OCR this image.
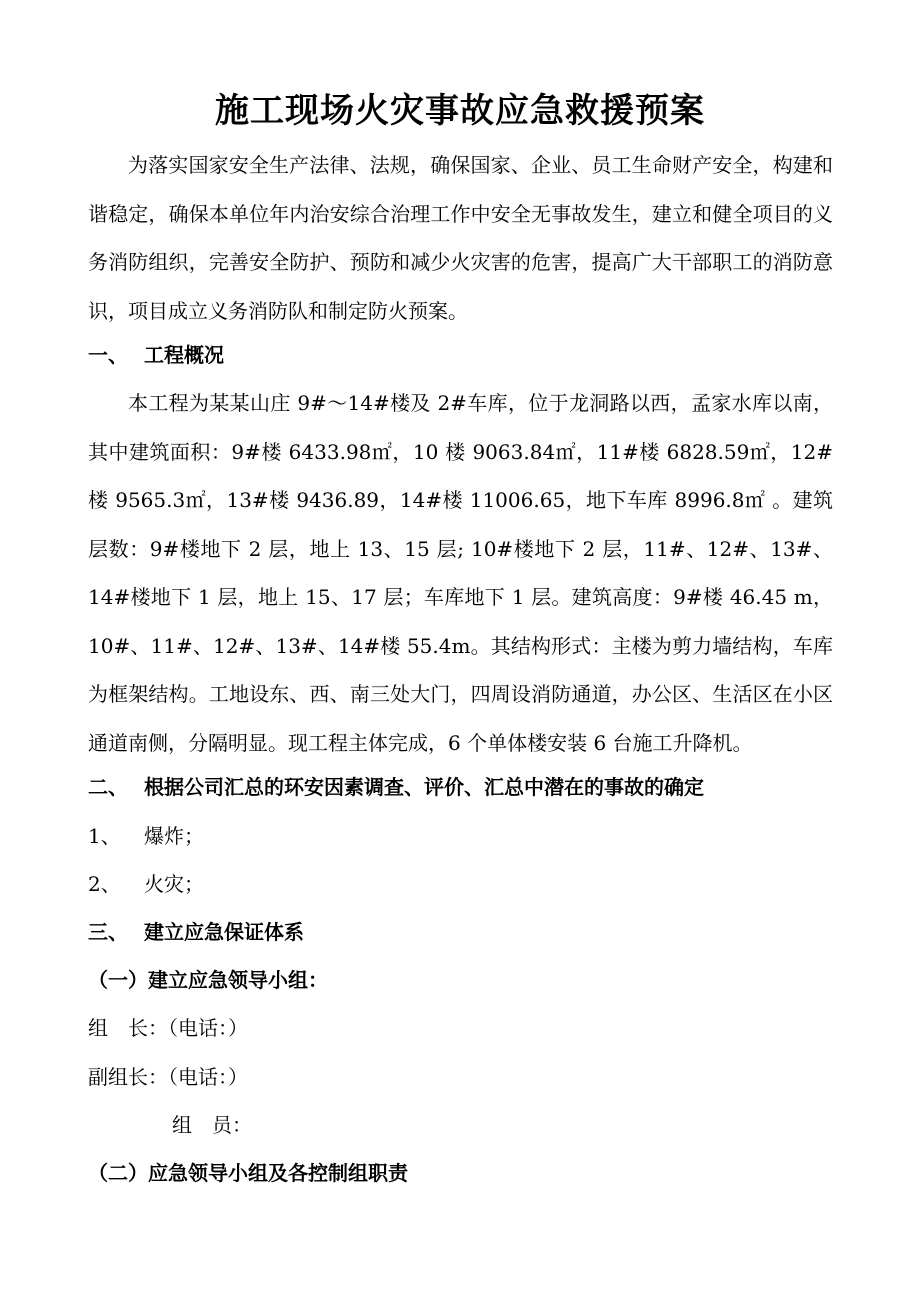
施工现场火灾事故应急救援预案

为落实国家安全生产法律、法规，确保国家、企业、员工生命财产安全，构建和谐稳定，确保本单位年内治安综合治理工作中安全无事故发生，建立和健全项目的义务消防组织，完善安全防护、预防和减少火灾害的危害，提高广大干部职工的消防意识，项目成立义务消防队和制定防火预案。

一、 工程概况

本工程为某某山庄 9#～14#楼及 2#车库，位于龙洞路以西，孟家水库以南，其中建筑面积：9#楼 6433.98㎡，10 楼 9063.84㎡，11#楼 6828.59㎡，12#楼 9565.3㎡，13#楼 9436.89，14#楼 11006.65，地下车库 8996.8㎡ 。建筑层数：9#楼地下 2 层，地上 13、15 层; 10#楼地下 2 层，11#、12#、13#、14#楼地下 1 层，地上 15、17 层；车库地下 1 层。建筑高度：9#楼 46.45 m，10#、11#、12#、13#、14#楼 55.4m。其结构形式：主楼为剪力墙结构，车库为框架结构。工地设东、西、南三处大门，四周设消防通道，办公区、生活区在小区通道南侧，分隔明显。现工程主体完成，6 个单体楼安装 6 台施工升降机。

二、 根据公司汇总的环安因素调查、评价、汇总中潜在的事故的确定
1、 爆炸；
2、 火灾；
三、 建立应急保证体系
（一）建立应急领导小组：
组　长：（电话：）
副组长：（电话：）
组　员：
（二）应急领导小组及各控制组职责
